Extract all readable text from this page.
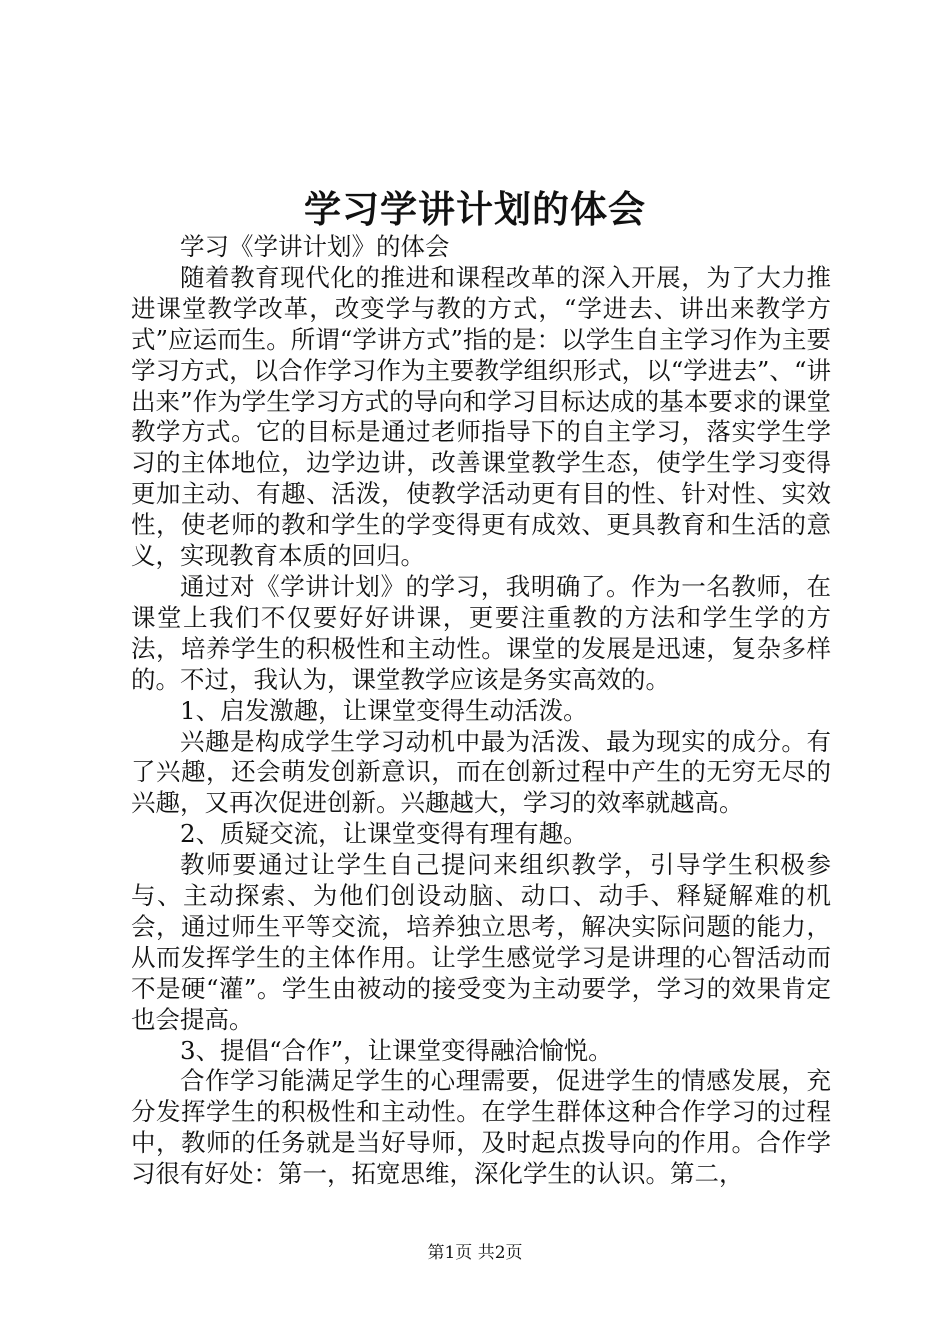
学习学讲计划的体会

学习《学讲计划》的体会

随着教育现代化的推进和课程改革的深入开展，为了大力推进课堂教学改革，改变学与教的方式，“学进去、讲出来教学方式”应运而生。所谓“学讲方式”指的是：以学生自主学习作为主要学习方式，以合作学习作为主要教学组织形式，以“学进去”、“讲出来”作为学生学习方式的导向和学习目标达成的基本要求的课堂教学方式。它的目标是通过老师指导下的自主学习，落实学生学习的主体地位，边学边讲，改善课堂教学生态，使学生学习变得更加主动、有趣、活泼，使教学活动更有目的性、针对性、实效性，使老师的教和学生的学变得更有成效、更具教育和生活的意义，实现教育本质的回归。

通过对《学讲计划》的学习，我明确了。作为一名教师，在课堂上我们不仅要好好讲课，更要注重教的方法和学生学的方法，培养学生的积极性和主动性。课堂的发展是迅速，复杂多样的。不过，我认为，课堂教学应该是务实高效的。

1、启发激趣，让课堂变得生动活泼。

兴趣是构成学生学习动机中最为活泼、最为现实的成分。有了兴趣，还会萌发创新意识，而在创新过程中产生的无穷无尽的兴趣，又再次促进创新。兴趣越大，学习的效率就越高。

2、质疑交流，让课堂变得有理有趣。

教师要通过让学生自己提问来组织教学，引导学生积极参与、主动探索、为他们创设动脑、动口、动手、释疑解难的机会，通过师生平等交流，培养独立思考，解决实际问题的能力，从而发挥学生的主体作用。让学生感觉学习是讲理的心智活动而不是硬“灌”。学生由被动的接受变为主动要学，学习的效果肯定也会提高。

3、提倡“合作”，让课堂变得融洽愉悦。

合作学习能满足学生的心理需要，促进学生的情感发展，充分发挥学生的积极性和主动性。在学生群体这种合作学习的过程中，教师的任务就是当好导师，及时起点拨导向的作用。合作学习很有好处：第一，拓宽思维，深化学生的认识。第二，

第1页 共2页
